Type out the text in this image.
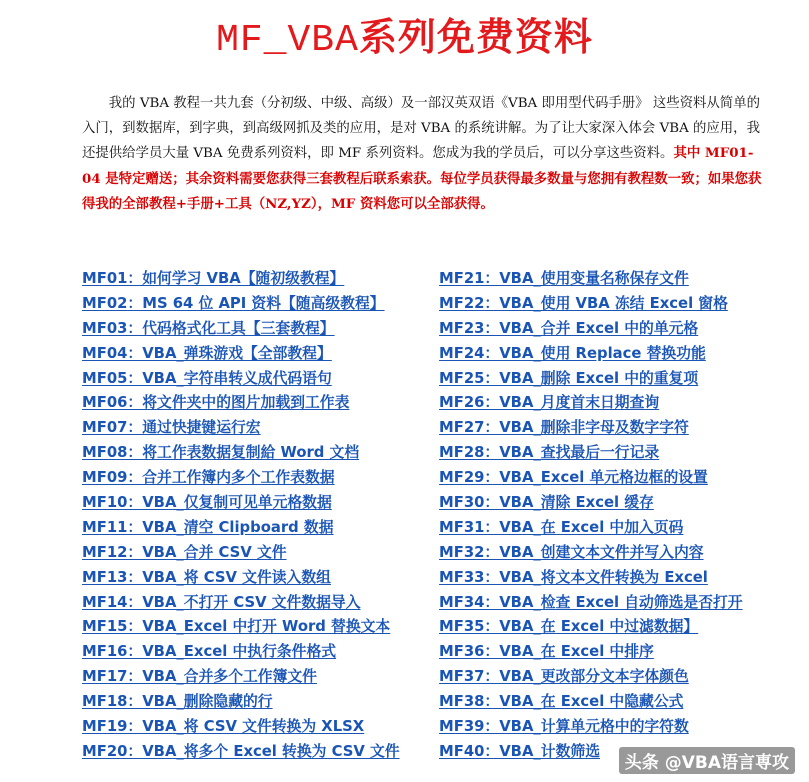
MF_VBA系列免费资料

我的 VBA 教程一共九套（分初级、中级、高级）及一部汉英双语《VBA 即用型代码手册》 这些资料从简单的入门，到数据库，到字典，到高级网抓及类的应用，是对 VBA 的系统讲解。为了让大家深入体会 VBA 的应用，我还提供给学员大量 VBA 免费系列资料，即 MF 系列资料。您成为我的学员后，可以分享这些资料。其中 MF01-04 是特定赠送；其余资料需要您获得三套教程后联系索获。每位学员获得最多数量与您拥有教程数一致；如果您获得我的全部教程+手册+工具（NZ,YZ），MF 资料您可以全部获得。

MF01：如何学习 VBA【随初级教程】
MF02：MS 64 位 API 资料【随高级教程】
MF03：代码格式化工具【三套教程】
MF04：VBA_弹珠游戏【全部教程】
MF05：VBA_字符串转义成代码语句
MF06：将文件夹中的图片加载到工作表
MF07：通过快捷键运行宏
MF08：将工作表数据复制給 Word 文档
MF09：合并工作簿内多个工作表数据
MF10：VBA_仅复制可见单元格数据
MF11：VBA_清空 Clipboard 数据
MF12：VBA_合并 CSV 文件
MF13：VBA_将 CSV 文件读入数组
MF14：VBA_不打开 CSV 文件数据导入
MF15：VBA_Excel 中打开 Word 替换文本
MF16：VBA_Excel 中执行条件格式
MF17：VBA_合并多个工作簿文件
MF18：VBA_删除隐藏的行
MF19：VBA_将 CSV 文件转换为 XLSX
MF20：VBA_将多个 Excel 转换为 CSV 文件
MF21：VBA_使用变量名称保存文件
MF22：VBA_使用 VBA 冻结 Excel 窗格
MF23：VBA_合并 Excel 中的单元格
MF24：VBA_使用 Replace 替换功能
MF25：VBA_删除 Excel 中的重复项
MF26：VBA_月度首末日期查询
MF27：VBA_删除非字母及数字字符
MF28：VBA_查找最后一行记录
MF29：VBA_Excel 单元格边框的设置
MF30：VBA_清除 Excel 缓存
MF31：VBA_在 Excel 中加入页码
MF32：VBA_创建文本文件并写入内容
MF33：VBA_将文本文件转换为 Excel
MF34：VBA_检查 Excel 自动筛选是否打开
MF35：VBA_在 Excel 中过滤数据】
MF36：VBA_在 Excel 中排序
MF37：VBA_更改部分文本字体颜色
MF38：VBA_在 Excel 中隐藏公式
MF39：VBA_计算单元格中的字符数
MF40：VBA_计数筛选
头条 @VBA语言専攻
